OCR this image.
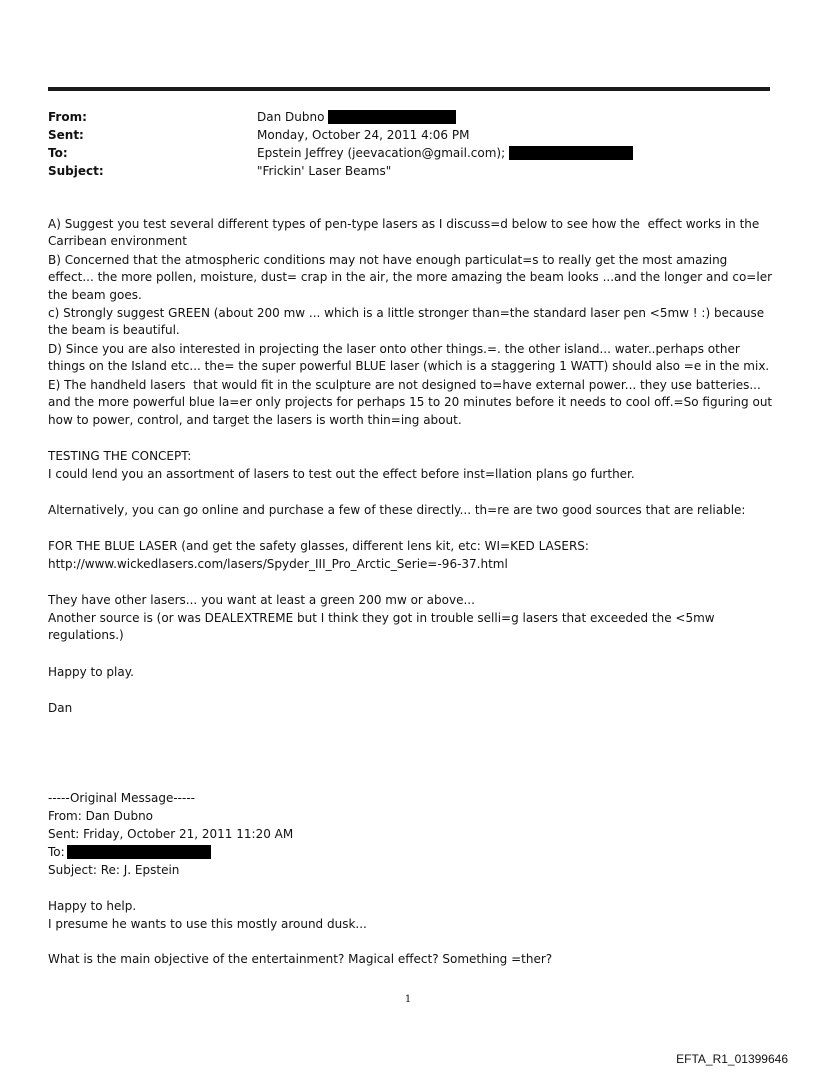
From:	Dan Dubno
Sent:	Monday, October 24, 2011 4:06 PM
To:	Epstein Jeffrey (jeevacation@gmail.com);
Subject:	"Frickin' Laser Beams"
A) Suggest you test several different types of pen-type lasers as I discuss=d below to see how the  effect works in the Carribean environment
B) Concerned that the atmospheric conditions may not have enough particulat=s to really get the most amazing effect... the more pollen, moisture, dust= crap in the air, the more amazing the beam looks ...and the longer and co=ler the beam goes.
c) Strongly suggest GREEN (about 200 mw ... which is a little stronger than=the standard laser pen <5mw ! :) because the beam is beautiful.
D) Since you are also interested in projecting the laser onto other things.=. the other island... water..perhaps other things on the Island etc... the= the super powerful BLUE laser (which is a staggering 1 WATT) should also =e in the mix.
E) The handheld lasers  that would fit in the sculpture are not designed to=have external power... they use batteries... and the more powerful blue la=er only projects for perhaps 15 to 20 minutes before it needs to cool off.=So figuring out how to power, control, and target the lasers is worth thin=ing about.
TESTING THE CONCEPT:
I could lend you an assortment of lasers to test out the effect before inst=llation plans go further.
Alternatively, you can go online and purchase a few of these directly... th=re are two good sources that are reliable:
FOR THE BLUE LASER (and get the safety glasses, different lens kit, etc: WI=KED LASERS:
http://www.wickedlasers.com/lasers/Spyder_III_Pro_Arctic_Serie=-96-37.html
They have other lasers... you want at least a green 200 mw or above...
Another source is (or was DEALEXTREME but I think they got in trouble selli=g lasers that exceeded the <5mw regulations.)
Happy to play.
Dan
-----Original Message-----
From: Dan Dubno
Sent: Friday, October 21, 2011 11:20 AM
To:
Subject: Re: J. Epstein
Happy to help.
I presume he wants to use this mostly around dusk...
What is the main objective of the entertainment? Magical effect? Something =ther?
1
EFTA_R1_01399646
